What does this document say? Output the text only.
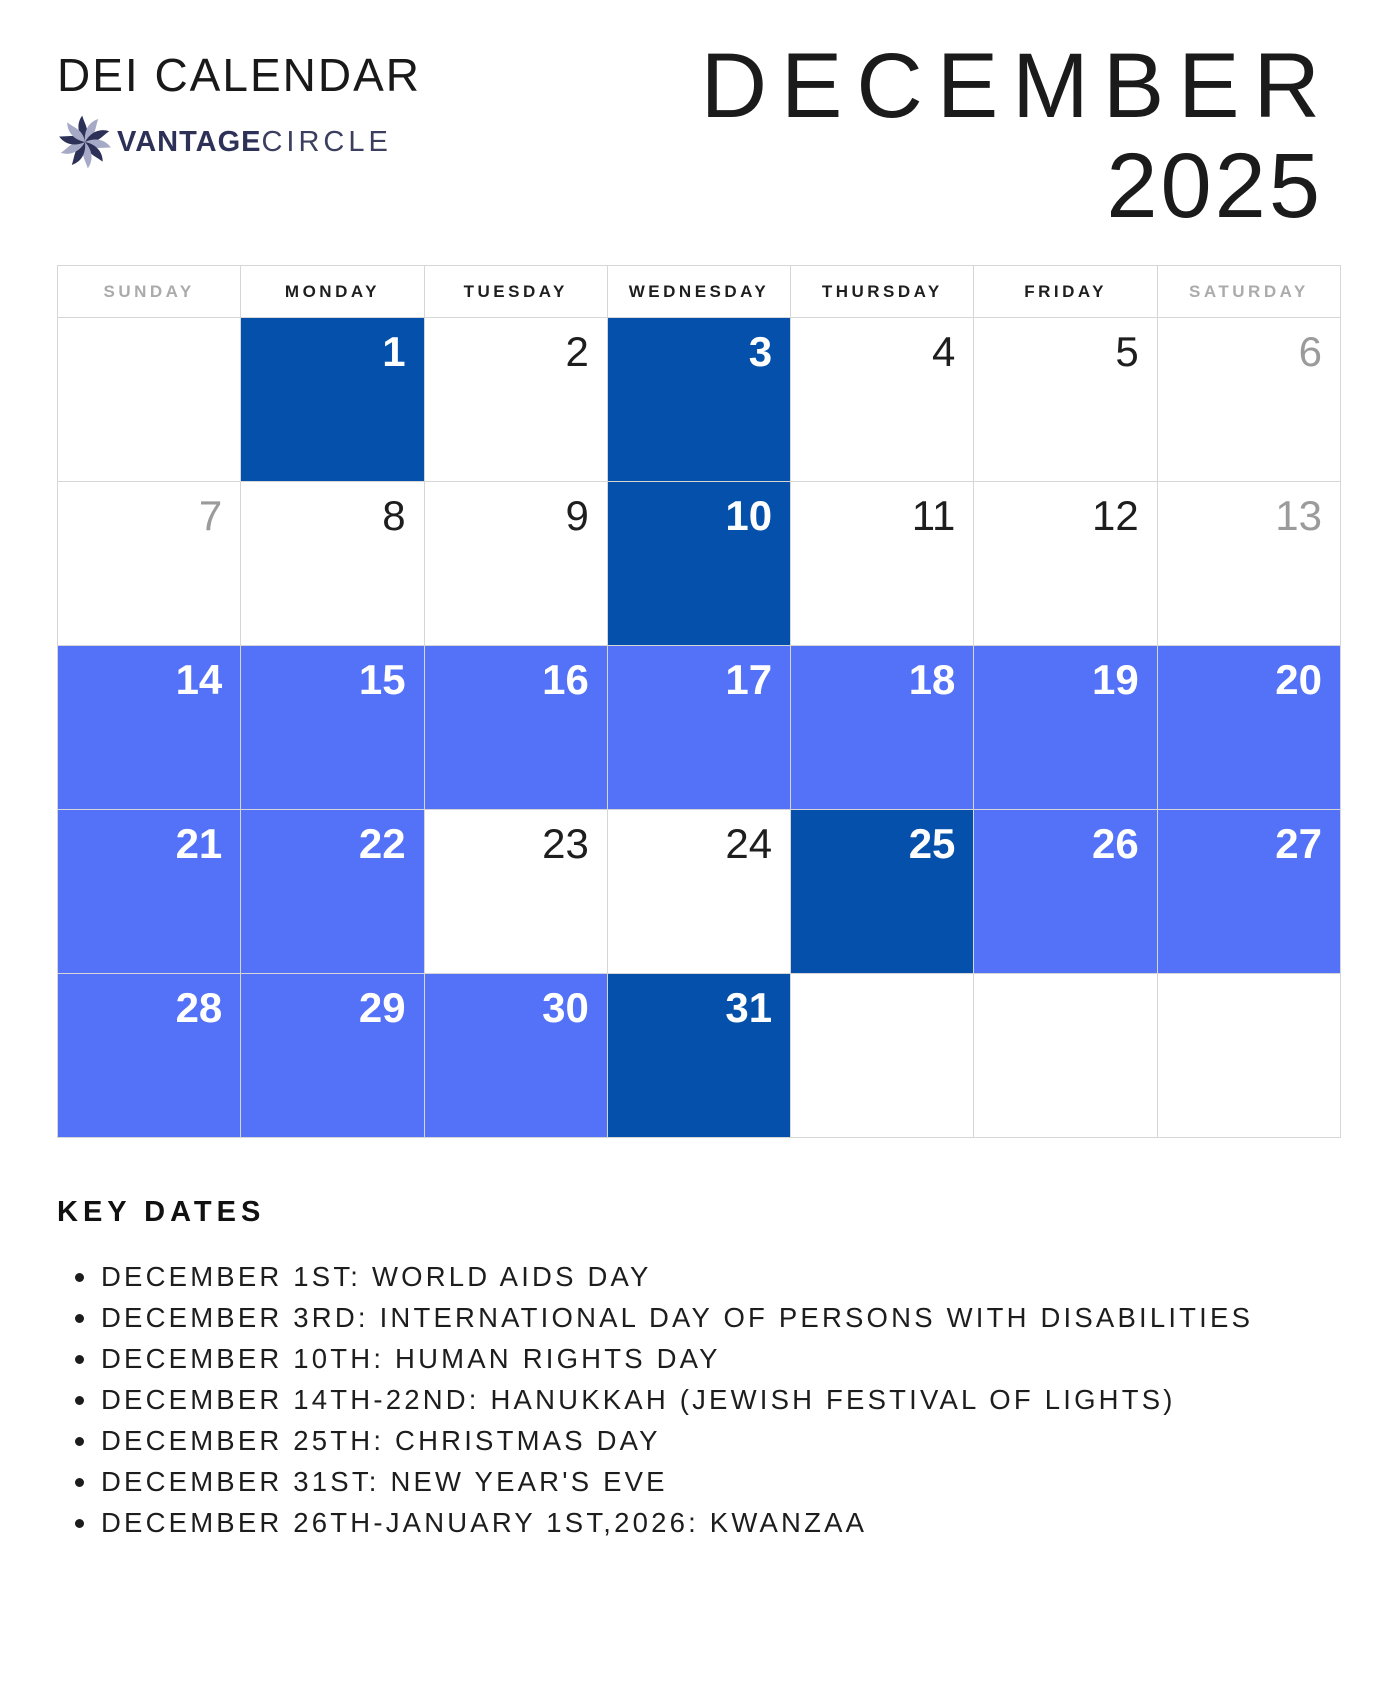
DEI CALENDAR
VANTAGECIRCLE
DECEMBER
2025
SUNDAY	MONDAY	TUESDAY	WEDNESDAY	THURSDAY	FRIDAY	SATURDAY
	1	2	3	4	5	6
7	8	9	10	11	12	13
14	15	16	17	18	19	20
21	22	23	24	25	26	27
28	29	30	31			
KEY DATES
DECEMBER 1ST: WORLD AIDS DAY
DECEMBER 3RD: INTERNATIONAL DAY OF PERSONS WITH DISABILITIES
DECEMBER 10TH: HUMAN RIGHTS DAY
DECEMBER 14TH-22ND: HANUKKAH (JEWISH FESTIVAL OF LIGHTS)
DECEMBER 25TH: CHRISTMAS DAY
DECEMBER 31ST: NEW YEAR'S EVE
DECEMBER 26TH-JANUARY 1ST,2026: KWANZAA
